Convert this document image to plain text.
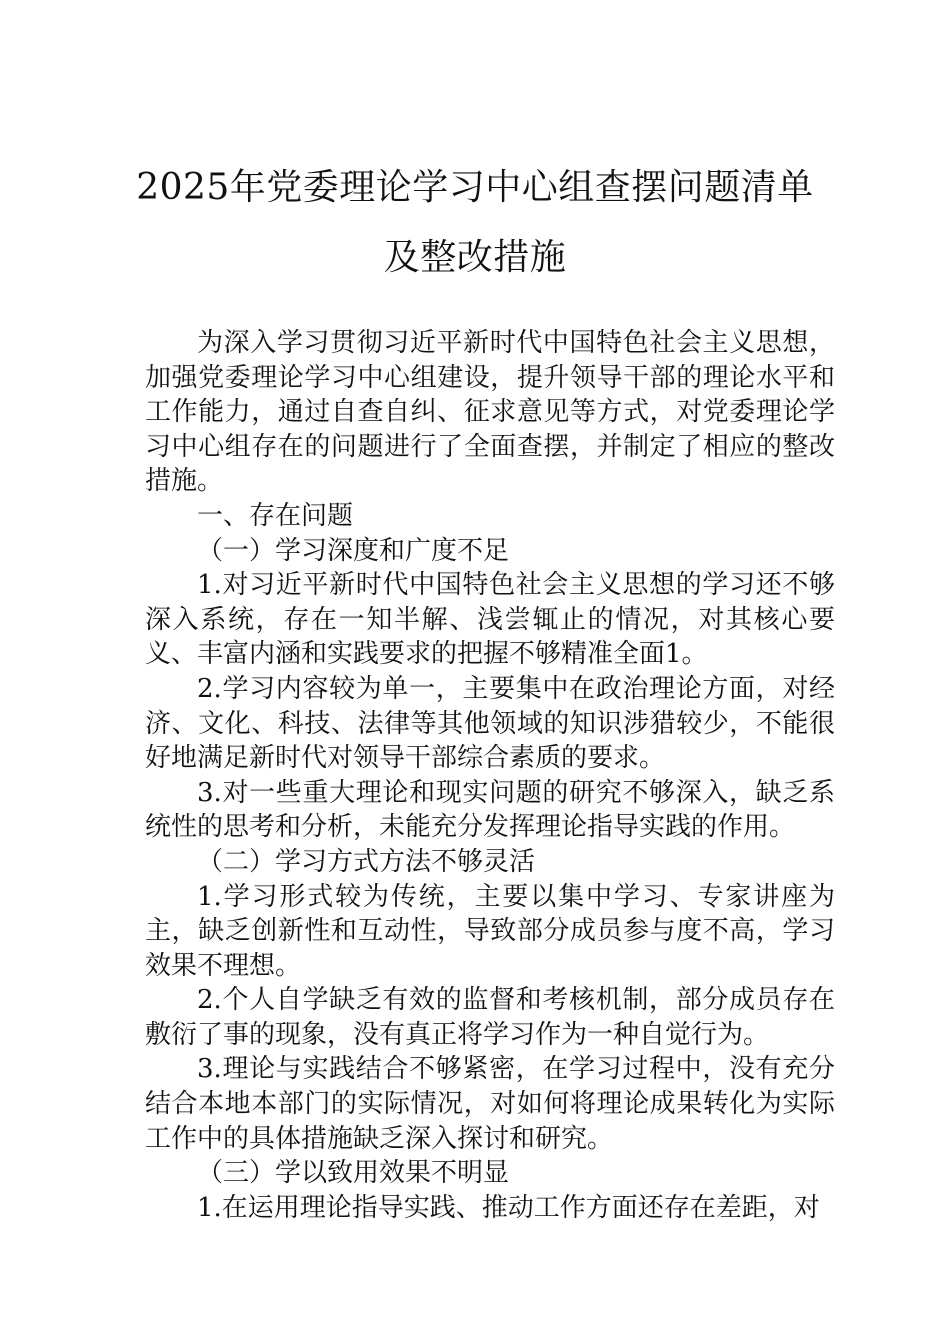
2025年党委理论学习中心组查摆问题清单
及整改措施

为深入学习贯彻习近平新时代中国特色社会主义思想，加强党委理论学习中心组建设，提升领导干部的理论水平和工作能力，通过自查自纠、征求意见等方式，对党委理论学习中心组存在的问题进行了全面查摆，并制定了相应的整改措施。

一、存在问题

（一）学习深度和广度不足

1.对习近平新时代中国特色社会主义思想的学习还不够深入系统，存在一知半解、浅尝辄止的情况，对其核心要义、丰富内涵和实践要求的把握不够精准全面1。

2.学习内容较为单一，主要集中在政治理论方面，对经济、文化、科技、法律等其他领域的知识涉猎较少，不能很好地满足新时代对领导干部综合素质的要求。

3.对一些重大理论和现实问题的研究不够深入，缺乏系统性的思考和分析，未能充分发挥理论指导实践的作用。

（二）学习方式方法不够灵活

1.学习形式较为传统，主要以集中学习、专家讲座为主，缺乏创新性和互动性，导致部分成员参与度不高，学习效果不理想。

2.个人自学缺乏有效的监督和考核机制，部分成员存在敷衍了事的现象，没有真正将学习作为一种自觉行为。

3.理论与实践结合不够紧密，在学习过程中，没有充分结合本地本部门的实际情况，对如何将理论成果转化为实际工作中的具体措施缺乏深入探讨和研究。

（三）学以致用效果不明显

1.在运用理论指导实践、推动工作方面还存在差距，对
